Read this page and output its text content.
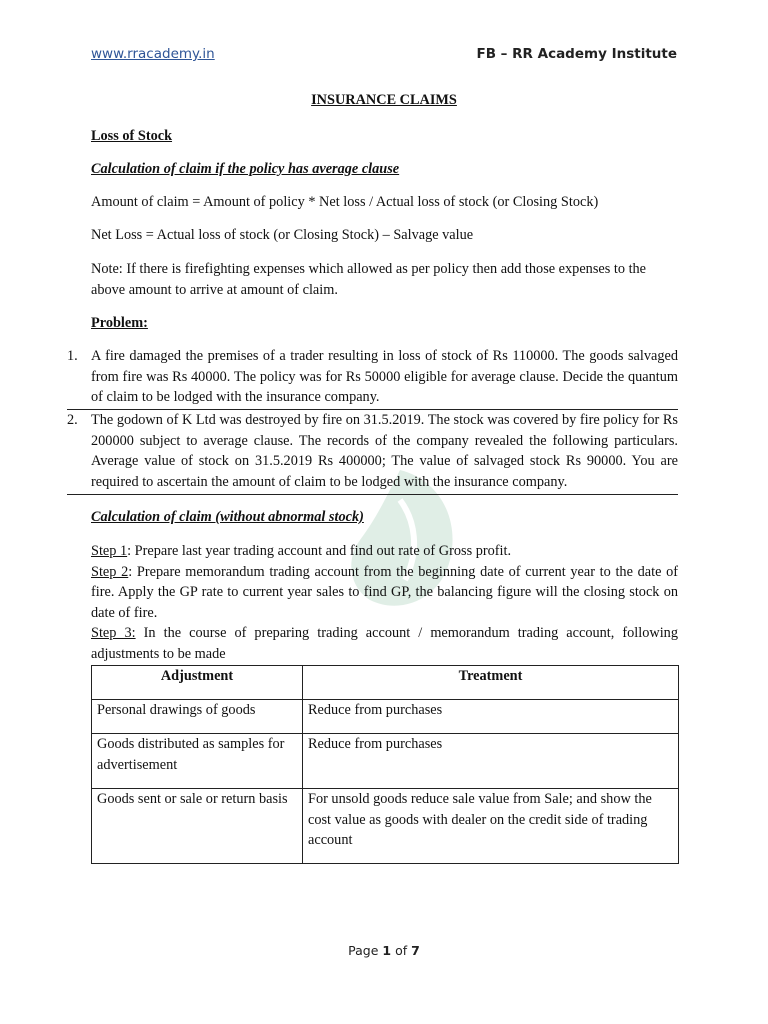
www.rracademy.in	FB – RR Academy Institute
INSURANCE CLAIMS
Loss of Stock
Calculation of claim if the policy has average clause
Amount of claim = Amount of policy * Net loss / Actual loss of stock (or Closing Stock)
Net Loss = Actual loss of stock (or Closing Stock) – Salvage value
Note: If there is firefighting expenses which allowed as per policy then add those expenses to the
above amount to arrive at amount of claim.
Problem:
1. A fire damaged the premises of a trader resulting in loss of stock of Rs 110000. The goods salvaged from fire was Rs 40000. The policy was for Rs 50000 eligible for average clause. Decide the quantum of claim to be lodged with the insurance company.
2. The godown of K Ltd was destroyed by fire on 31.5.2019. The stock was covered by fire policy for Rs 200000 subject to average clause. The records of the company revealed the following particulars. Average value of stock on 31.5.2019 Rs 400000; The value of salvaged stock Rs 90000. You are required to ascertain the amount of claim to be lodged with the insurance company.
Calculation of claim (without abnormal stock)
Step 1: Prepare last year trading account and find out rate of Gross profit.
Step 2: Prepare memorandum trading account from the beginning date of current year to the date of fire. Apply the GP rate to current year sales to find GP, the balancing figure will the closing stock on date of fire.
Step 3: In the course of preparing trading account / memorandum trading account, following adjustments to be made
Adjustment	Treatment
Personal drawings of goods	Reduce from purchases
Goods distributed as samples for advertisement	Reduce from purchases
Goods sent or sale or return basis	For unsold goods reduce sale value from Sale; and show the cost value as goods with dealer on the credit side of trading account
Page 1 of 7
